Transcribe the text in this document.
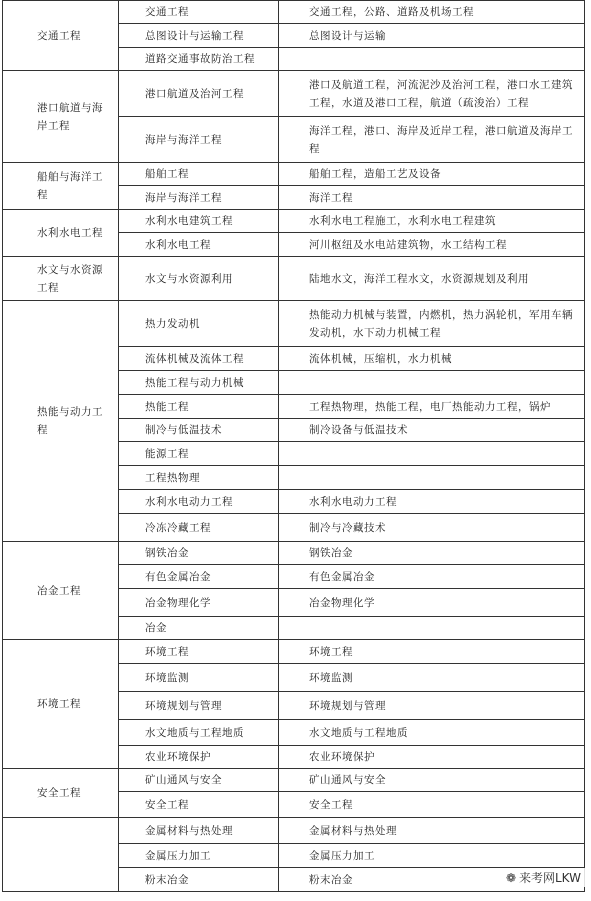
交通工程	交通工程	交通工程，公路、道路及机场工程
	总图设计与运输工程	总图设计与运输
	道路交通事故防治工程	
港口航道与海岸工程	港口航道及治河工程	港口及航道工程，河流泥沙及治河工程，港口水工建筑工程，水道及港口工程，航道（疏浚治）工程
	海岸与海洋工程	海洋工程，港口、海岸及近岸工程，港口航道及海岸工程
船舶与海洋工程	船舶工程	船舶工程，造船工艺及设备
	海岸与海洋工程	海洋工程
水利水电工程	水利水电建筑工程	水利水电工程施工，水利水电工程建筑
	水利水电工程	河川枢纽及水电站建筑物，水工结构工程
水文与水资源工程	水文与水资源利用	陆地水文，海洋工程水文，水资源规划及利用
热能与动力工程	热力发动机	热能动力机械与装置，内燃机，热力涡轮机，军用车辆发动机，水下动力机械工程
	流体机械及流体工程	流体机械，压缩机，水力机械
	热能工程与动力机械	
	热能工程	工程热物理，热能工程，电厂热能动力工程，锅炉
	制冷与低温技术	制冷设备与低温技术
	能源工程	
	工程热物理	
	水利水电动力工程	水利水电动力工程
	冷冻冷藏工程	制冷与冷藏技术
冶金工程	钢铁冶金	钢铁冶金
	有色金属冶金	有色金属冶金
	冶金物理化学	冶金物理化学
	冶金	
环境工程	环境工程	环境工程
	环境监测	环境监测
	环境规划与管理	环境规划与管理
	水文地质与工程地质	水文地质与工程地质
	农业环境保护	农业环境保护
安全工程	矿山通风与安全	矿山通风与安全
	安全工程	安全工程
	金属材料与热处理	金属材料与热处理
	金属压力加工	金属压力加工
	粉末冶金	粉末冶金	❁ 来考网LKW
